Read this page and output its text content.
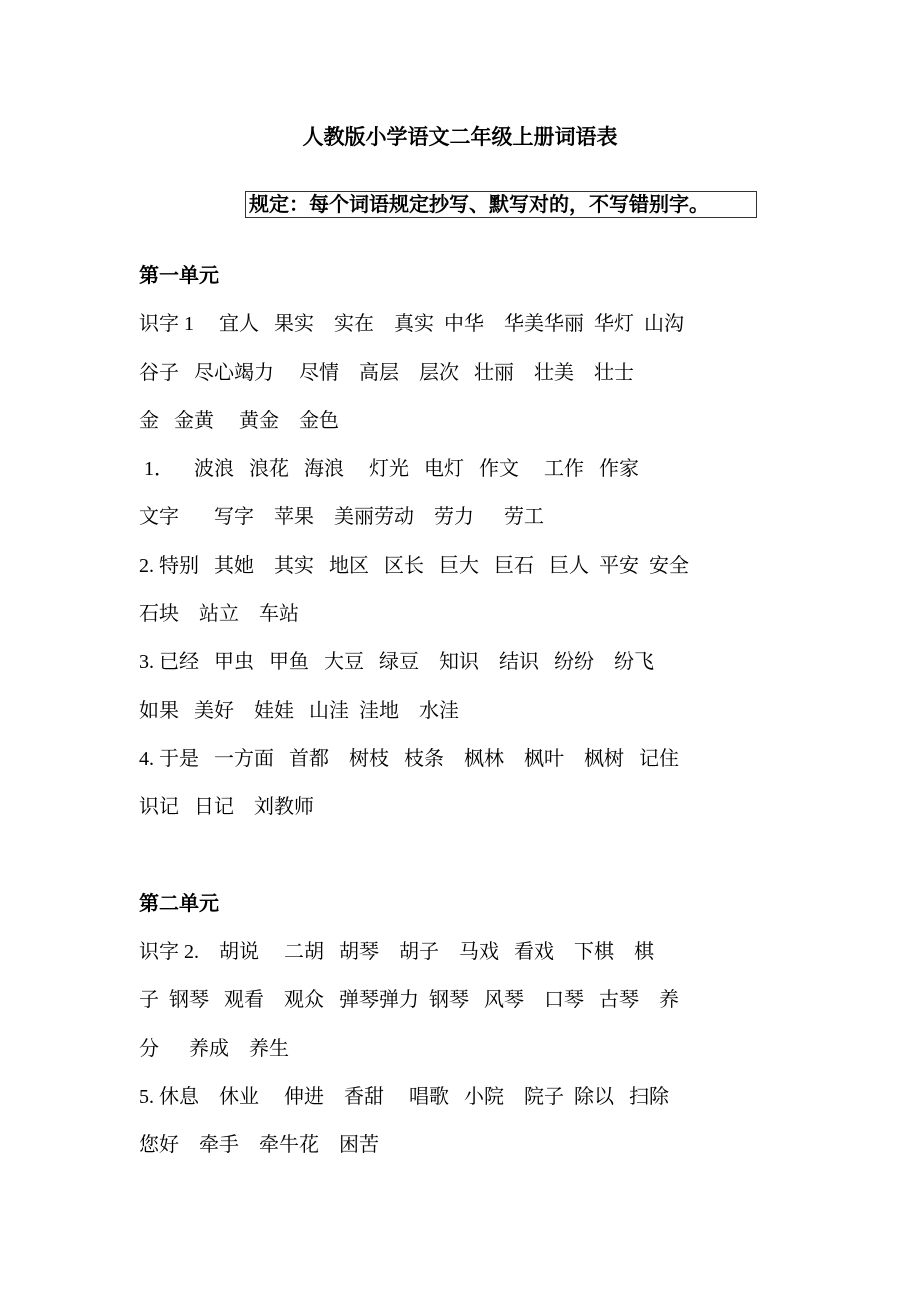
人教版小学语文二年级上册词语表
规定：每个词语规定抄写、默写对的，不写错别字。
第一单元
识字 1     宜人   果实    实在    真实  中华    华美华丽  华灯  山沟
谷子   尽心竭力     尽情    高层    层次   壮丽    壮美    壮士
金   金黄     黄金    金色
1．    波浪   浪花   海浪     灯光   电灯   作文     工作   作家
文字       写字    苹果    美丽劳动    劳力      劳工
2. 特别   其她    其实   地区   区长   巨大   巨石   巨人  平安  安全
石块    站立    车站
3. 已经   甲虫   甲鱼   大豆   绿豆    知识    结识   纷纷    纷飞
如果   美好    娃娃   山洼  洼地    水洼
4. 于是   一方面   首都    树枝   枝条    枫林    枫叶    枫树   记住
识记   日记    刘教师
第二单元
识字 2.    胡说     二胡   胡琴    胡子    马戏   看戏    下棋    棋
子  钢琴   观看    观众   弹琴弹力  钢琴   风琴    口琴   古琴    养
分      养成    养生
5. 休息    休业     伸进    香甜     唱歌   小院    院子  除以   扫除
您好    牵手    牵牛花    困苦
